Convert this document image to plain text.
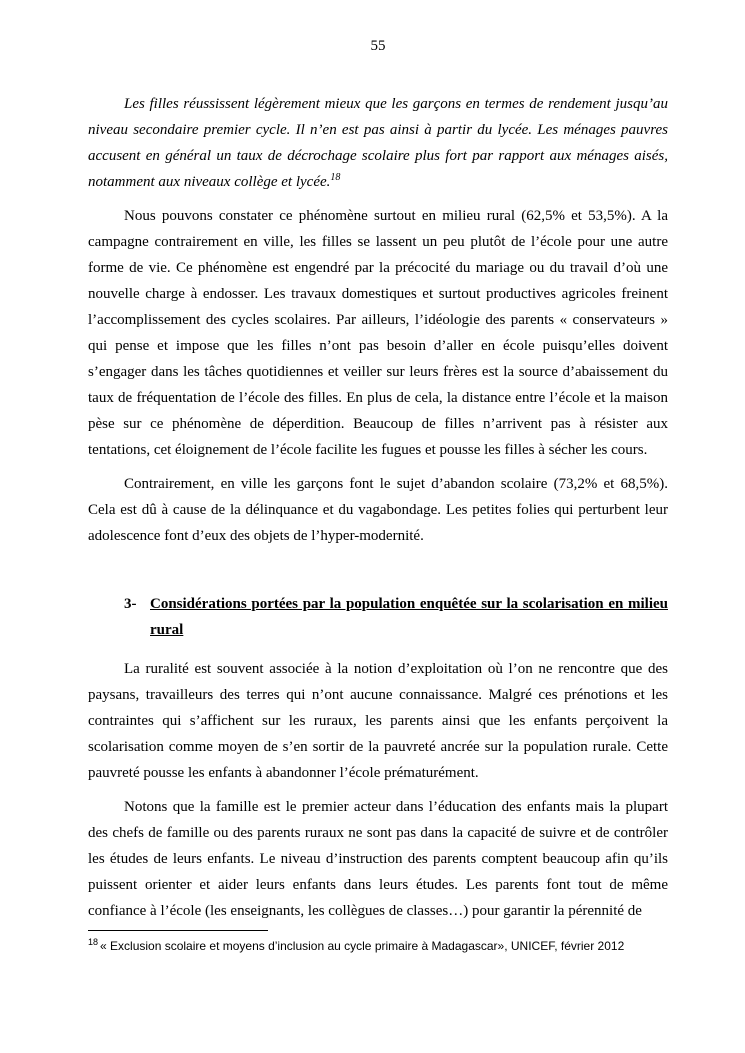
55

Les filles réussissent légèrement mieux que les garçons en termes de rendement jusqu’au niveau secondaire premier cycle. Il n’en est pas ainsi à partir du lycée. Les ménages pauvres accusent en général un taux de décrochage scolaire plus fort par rapport aux ménages aisés, notamment aux niveaux collège et lycée.$^{18}$

Nous pouvons constater ce phénomène surtout en milieu rural (62,5% et 53,5%). A la campagne contrairement en ville, les filles se lassent un peu plutôt de l’école pour une autre forme de vie. Ce phénomène est engendré par la précocité du mariage ou du travail d’où une nouvelle charge à endosser. Les travaux domestiques et surtout productives agricoles freinent l’accomplissement des cycles scolaires. Par ailleurs, l’idéologie des parents « conservateurs » qui pense et impose que les filles n’ont pas besoin d’aller en école puisqu’elles doivent s’engager dans les tâches quotidiennes et veiller sur leurs frères est la source d’abaissement du taux de fréquentation de l’école des filles. En plus de cela, la distance entre l’école et la maison pèse sur ce phénomène de déperdition. Beaucoup de filles n’arrivent pas à résister aux tentations, cet éloignement de l’école facilite les fugues et pousse les filles à sécher les cours.

Contrairement, en ville les garçons font le sujet d’abandon scolaire (73,2% et 68,5%). Cela est dû à cause de la délinquance et du vagabondage. Les petites folies qui perturbent leur adolescence font d’eux des objets de l’hyper-modernité.

3- Considérations portées par la population enquêtée sur la scolarisation en milieu rural

La ruralité est souvent associée à la notion d’exploitation où l’on ne rencontre que des paysans, travailleurs des terres qui n’ont aucune connaissance. Malgré ces prénotions et les contraintes qui s’affichent sur les ruraux, les parents ainsi que les enfants perçoivent la scolarisation comme moyen de s’en sortir de la pauvreté ancrée sur la population rurale. Cette pauvreté pousse les enfants à abandonner l’école prématurément.

Notons que la famille est le premier acteur dans l’éducation des enfants mais la plupart des chefs de famille ou des parents ruraux ne sont pas dans la capacité de suivre et de contrôler les études de leurs enfants. Le niveau d’instruction des parents comptent beaucoup afin qu’ils puissent orienter et aider leurs enfants dans leurs études. Les parents font tout de même confiance à l’école (les enseignants, les collègues de classes…) pour garantir la pérennité de

$^{18}$ « Exclusion scolaire et moyens d’inclusion au cycle primaire à Madagascar», UNICEF, février 2012
